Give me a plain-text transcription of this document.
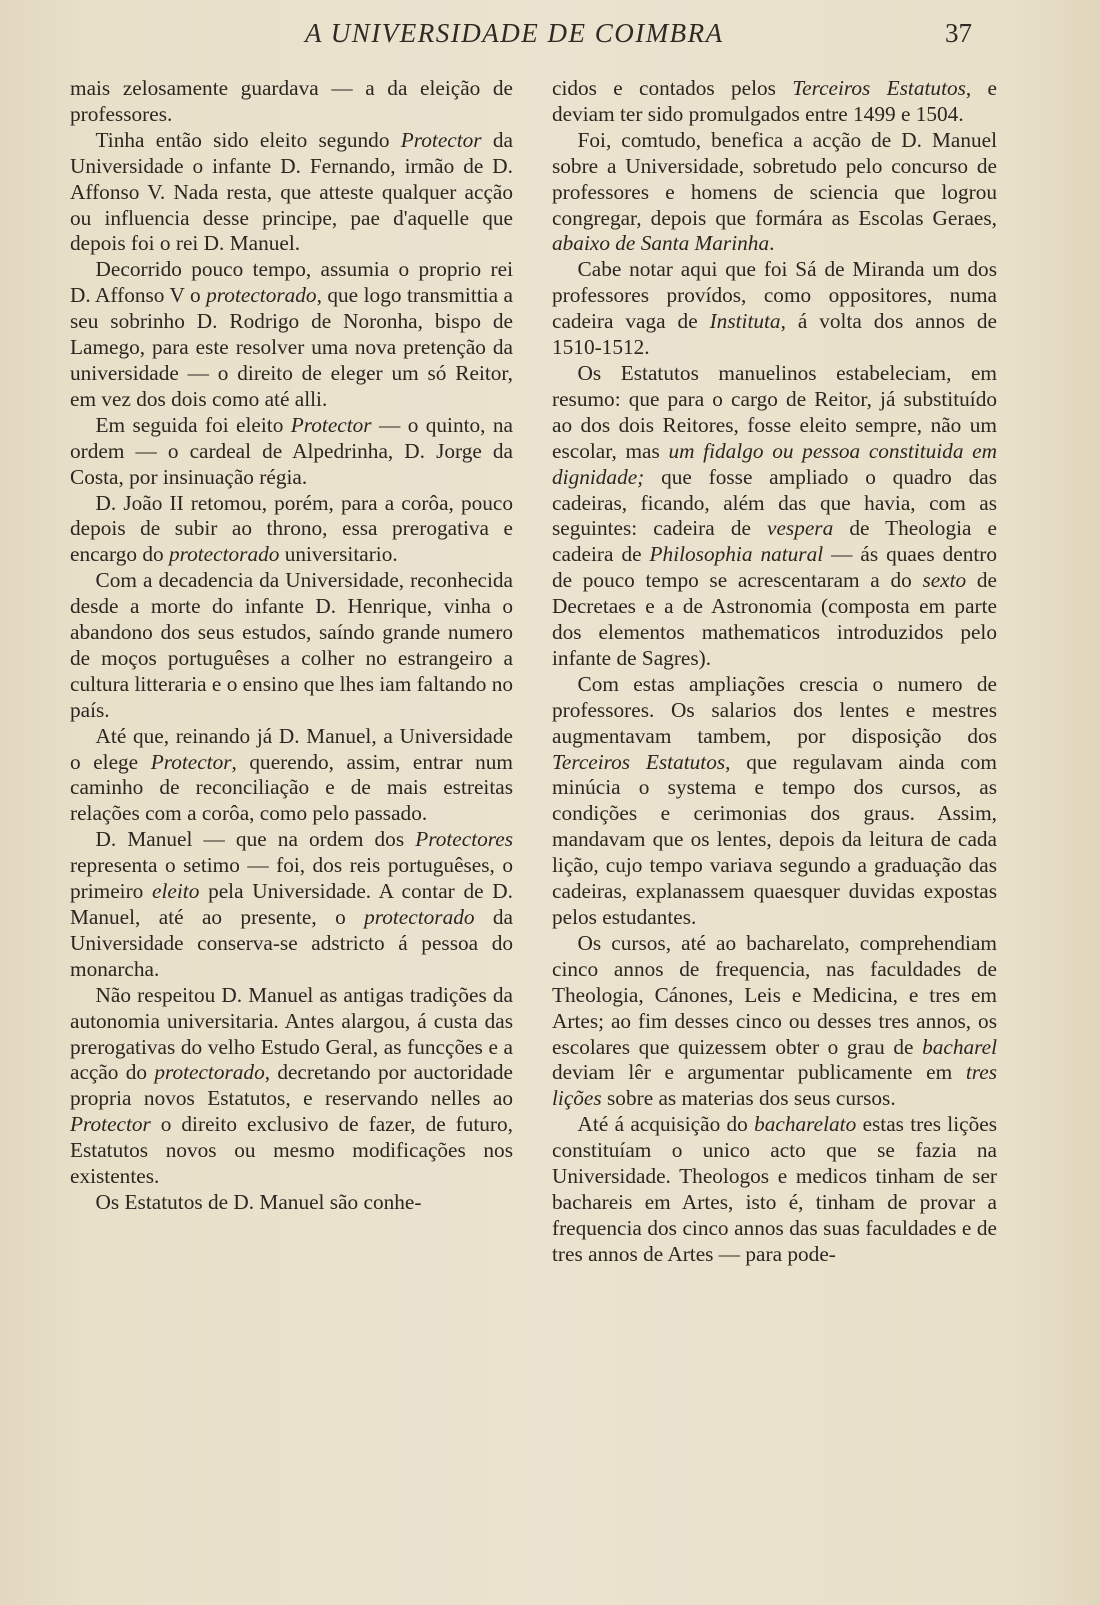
A UNIVERSIDADE DE COIMBRA	37

mais zelosamente guardava — a da eleição de professores.

Tinha então sido eleito segundo Protector da Universidade o infante D. Fernando, irmão de D. Affonso V. Nada resta, que atteste qualquer acção ou influencia desse principe, pae d'aquelle que depois foi o rei D. Manuel.

Decorrido pouco tempo, assumia o proprio rei D. Affonso V o protectorado, que logo transmittia a seu sobrinho D. Rodrigo de Noronha, bispo de Lamego, para este resolver uma nova pretenção da universidade — o direito de eleger um só Reitor, em vez dos dois como até alli.

Em seguida foi eleito Protector — o quinto, na ordem — o cardeal de Alpedrinha, D. Jorge da Costa, por insinuação régia.

D. João II retomou, porém, para a corôa, pouco depois de subir ao throno, essa prerogativa e encargo do protectorado universitario.

Com a decadencia da Universidade, reconhecida desde a morte do infante D. Henrique, vinha o abandono dos seus estudos, saíndo grande numero de moços portuguêses a colher no estrangeiro a cultura litteraria e o ensino que lhes iam faltando no país.

Até que, reinando já D. Manuel, a Universidade o elege Protector, querendo, assim, entrar num caminho de reconciliação e de mais estreitas relações com a corôa, como pelo passado.

D. Manuel — que na ordem dos Protectores representa o setimo — foi, dos reis portuguêses, o primeiro eleito pela Universidade. A contar de D. Manuel, até ao presente, o protectorado da Universidade conserva-se adstricto á pessoa do monarcha.

Não respeitou D. Manuel as antigas tradições da autonomia universitaria. Antes alargou, á custa das prerogativas do velho Estudo Geral, as funcções e a acção do protectorado, decretando por auctoridade propria novos Estatutos, e reservando nelles ao Protector o direito exclusivo de fazer, de futuro, Estatutos novos ou mesmo modificações nos existentes.

Os Estatutos de D. Manuel são conhe-

cidos e contados pelos Terceiros Estatutos, e deviam ter sido promulgados entre 1499 e 1504.

Foi, comtudo, benefica a acção de D. Manuel sobre a Universidade, sobretudo pelo concurso de professores e homens de sciencia que logrou congregar, depois que formára as Escolas Geraes, abaixo de Santa Marinha.

Cabe notar aqui que foi Sá de Miranda um dos professores provídos, como oppositores, numa cadeira vaga de Instituta, á volta dos annos de 1510-1512.

Os Estatutos manuelinos estabeleciam, em resumo: que para o cargo de Reitor, já substituído ao dos dois Reitores, fosse eleito sempre, não um escolar, mas um fidalgo ou pessoa constituida em dignidade; que fosse ampliado o quadro das cadeiras, ficando, além das que havia, com as seguintes: cadeira de vespera de Theologia e cadeira de Philosophia natural — ás quaes dentro de pouco tempo se acrescentaram a do sexto de Decretaes e a de Astronomia (composta em parte dos elementos mathematicos introduzidos pelo infante de Sagres).

Com estas ampliações crescia o numero de professores. Os salarios dos lentes e mestres augmentavam tambem, por disposição dos Terceiros Estatutos, que regulavam ainda com minúcia o systema e tempo dos cursos, as condições e cerimonias dos graus. Assim, mandavam que os lentes, depois da leitura de cada lição, cujo tempo variava segundo a graduação das cadeiras, explanassem quaesquer duvidas expostas pelos estudantes.

Os cursos, até ao bacharelato, comprehendiam cinco annos de frequencia, nas faculdades de Theologia, Cánones, Leis e Medicina, e tres em Artes; ao fim desses cinco ou desses tres annos, os escolares que quizessem obter o grau de bacharel deviam lêr e argumentar publicamente em tres lições sobre as materias dos seus cursos.

Até á acquisição do bacharelato estas tres lições constituíam o unico acto que se fazia na Universidade. Theologos e medicos tinham de ser bachareis em Artes, isto é, tinham de provar a frequencia dos cinco annos das suas faculdades e de tres annos de Artes — para pode-
